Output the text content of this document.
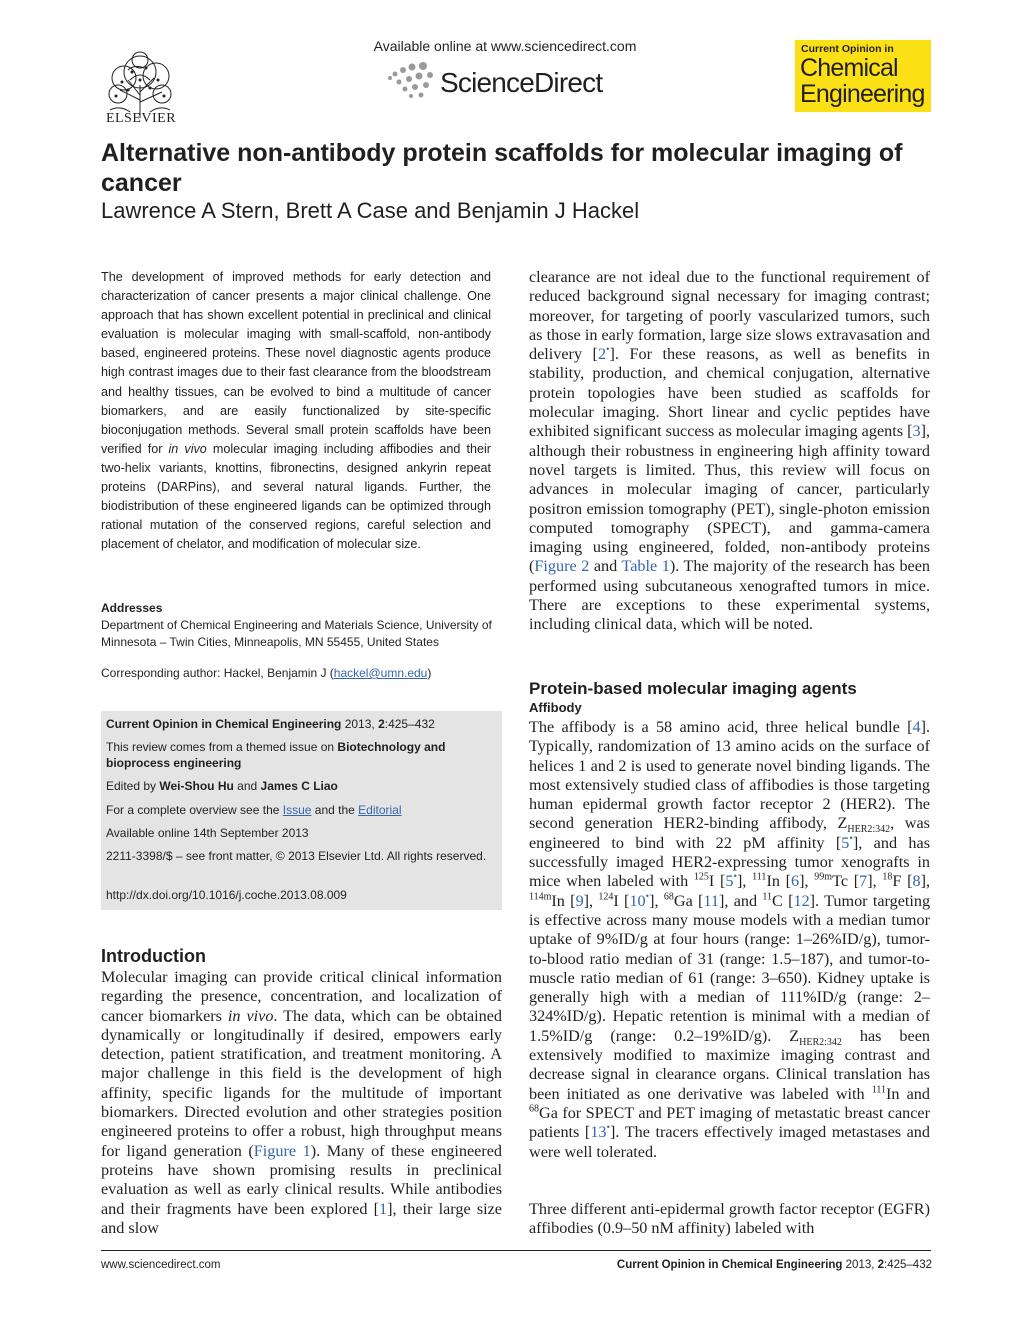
ELSEVIER
Available online at www.sciencedirect.com
ScienceDirect
Current Opinion in
Chemical
Engineering
Alternative non-antibody protein scaffolds for molecular imaging of cancer
Lawrence A Stern, Brett A Case and Benjamin J Hackel
The development of improved methods for early detection and characterization of cancer presents a major clinical challenge. One approach that has shown excellent potential in preclinical and clinical evaluation is molecular imaging with small-scaffold, non-antibody based, engineered proteins. These novel diagnostic agents produce high contrast images due to their fast clearance from the bloodstream and healthy tissues, can be evolved to bind a multitude of cancer biomarkers, and are easily functionalized by site-specific bioconjugation methods. Several small protein scaffolds have been verified for in vivo molecular imaging including affibodies and their two-helix variants, knottins, fibronectins, designed ankyrin repeat proteins (DARPins), and several natural ligands. Further, the biodistribution of these engineered ligands can be optimized through rational mutation of the conserved regions, careful selection and placement of chelator, and modification of molecular size.
Addresses
Department of Chemical Engineering and Materials Science, University of Minnesota – Twin Cities, Minneapolis, MN 55455, United States
Corresponding author: Hackel, Benjamin J (hackel@umn.edu)
Current Opinion in Chemical Engineering 2013, 2:425–432
This review comes from a themed issue on Biotechnology and bioprocess engineering
Edited by Wei-Shou Hu and James C Liao
For a complete overview see the Issue and the Editorial
Available online 14th September 2013
2211-3398/$ – see front matter, © 2013 Elsevier Ltd. All rights reserved.
http://dx.doi.org/10.1016/j.coche.2013.08.009
Introduction
Molecular imaging can provide critical clinical information regarding the presence, concentration, and localization of cancer biomarkers in vivo. The data, which can be obtained dynamically or longitudinally if desired, empowers early detection, patient stratification, and treatment monitoring. A major challenge in this field is the development of high affinity, specific ligands for the multitude of important biomarkers. Directed evolution and other strategies position engineered proteins to offer a robust, high throughput means for ligand generation (Figure 1). Many of these engineered proteins have shown promising results in preclinical evaluation as well as early clinical results. While antibodies and their fragments have been explored [1], their large size and slow
clearance are not ideal due to the functional requirement of reduced background signal necessary for imaging contrast; moreover, for targeting of poorly vascularized tumors, such as those in early formation, large size slows extravasation and delivery [2•]. For these reasons, as well as benefits in stability, production, and chemical conjugation, alternative protein topologies have been studied as scaffolds for molecular imaging. Short linear and cyclic peptides have exhibited significant success as molecular imaging agents [3], although their robustness in engineering high affinity toward novel targets is limited. Thus, this review will focus on advances in molecular imaging of cancer, particularly positron emission tomography (PET), single-photon emission computed tomography (SPECT), and gamma-camera imaging using engineered, folded, non-antibody proteins (Figure 2 and Table 1). The majority of the research has been performed using subcutaneous xenografted tumors in mice. There are exceptions to these experimental systems, including clinical data, which will be noted.
Protein-based molecular imaging agents
Affibody
The affibody is a 58 amino acid, three helical bundle [4]. Typically, randomization of 13 amino acids on the surface of helices 1 and 2 is used to generate novel binding ligands. The most extensively studied class of affibodies is those targeting human epidermal growth factor receptor 2 (HER2). The second generation HER2-binding affibody, $Z_{HER2:342}$, was engineered to bind with 22 pM affinity [5•], and has successfully imaged HER2-expressing tumor xenografts in mice when labeled with $^{125}$I [5•], $^{111}$In [6], $^{99m}$Tc [7], $^{18}$F [8], $^{114m}$In [9], $^{124}$I [10•], $^{68}$Ga [11], and $^{11}$C [12]. Tumor targeting is effective across many mouse models with a median tumor uptake of 9%ID/g at four hours (range: 1–26%ID/g), tumor-to-blood ratio median of 31 (range: 1.5–187), and tumor-to-muscle ratio median of 61 (range: 3–650). Kidney uptake is generally high with a median of 111%ID/g (range: 2–324%ID/g). Hepatic retention is minimal with a median of 1.5%ID/g (range: 0.2–19%ID/g). $Z_{HER2:342}$ has been extensively modified to maximize imaging contrast and decrease signal in clearance organs. Clinical translation has been initiated as one derivative was labeled with $^{111}$In and $^{68}$Ga for SPECT and PET imaging of metastatic breast cancer patients [13•]. The tracers effectively imaged metastases and were well tolerated.
Three different anti-epidermal growth factor receptor (EGFR) affibodies (0.9–50 nM affinity) labeled with
www.sciencedirect.com	Current Opinion in Chemical Engineering 2013, 2:425–432
